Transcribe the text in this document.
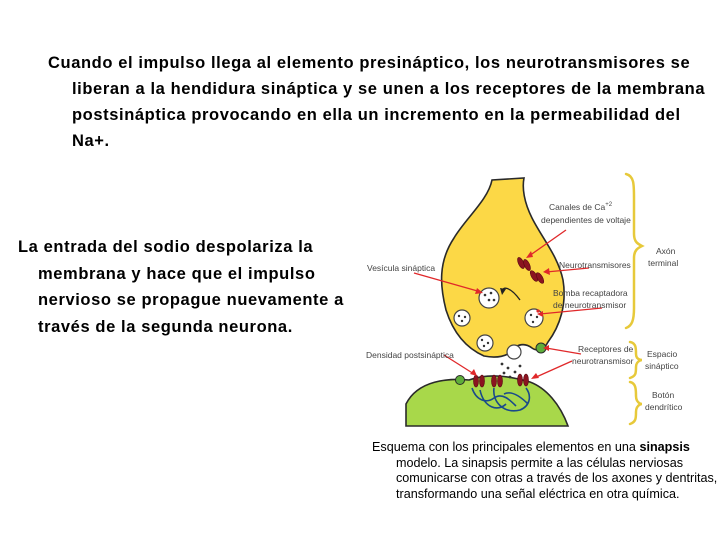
Cuando el impulso llega al elemento presináptico, los neurotransmisores se liberan a la hendidura sináptica y se unen a los receptores de la membrana postsináptica provocando en ella un incremento en la permeabilidad del Na+.
La entrada del sodio despolariza la membrana y hace que el impulso nervioso se propague nuevamente a través de la segunda neurona.
Canales de $Ca^{+2}$
dependientes de voltaje
Vesícula sináptica	Neurotransmisores
Bomba recaptadora
de neurotransmisor
Densidad postsináptica
Receptores de
neurotransmisor
Axón
terminal
Espacio
sináptico
Botón
dendrítico
Esquema con los principales elementos en una sinapsis modelo. La sinapsis permite a las células nerviosas comunicarse con otras a través de los axones y dentritas, transformando una señal eléctrica en otra química.
